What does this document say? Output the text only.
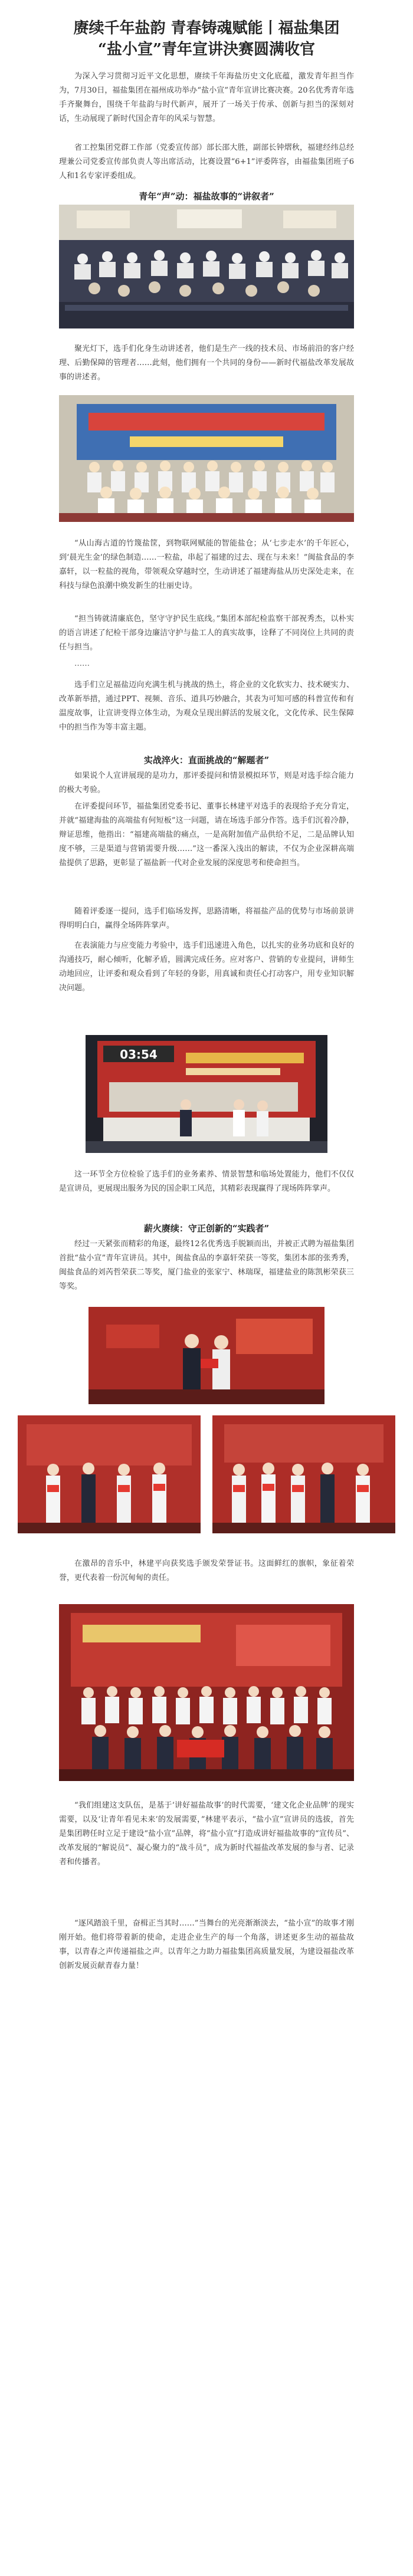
赓续千年盐韵 青春铸魂赋能丨福盐集团
“盐小宣”青年宣讲決赛圆满收官

为深入学习贯彻习近平文化思想，赓续千年海盐历史文化底蕴，激发青年担当作为，7月30日，福盐集团在福州成功举办“盐小宣”青年宣讲比赛决赛。20名优秀青年选手齐聚舞台，围绕千年盐韵与时代新声，展开了一场关于传承、创新与担当的深刻对话，生动展现了新时代国企青年的风采与智慧。

省工控集团党群工作部（党委宣传部）部长邵大胜，副部长钟熠秋，福建经纬总经理兼公司党委宣传部负责人等出席活动，比赛设置“6+1”评委阵容，由福盐集团班子6人和1名专家评委组成。

青年“声”动：福盐故事的“讲叙者”

聚光灯下，选手们化身生动讲述者，他们是生产一线的技术员、市场前沿的客户经理、后勤保障的管理者……此刻，他们拥有一个共同的身份——新时代福盐改革发展故事的讲述者。

“从山海古道的竹篾盐筐，到物联网赋能的智能盐仓；从‘七步走水’的千年匠心，到‘晨光生金’的绿色制造……一粒盐，串起了福建的过去、现在与未来！”闽盐食品的李嘉轩，以一粒盐的视角，带领观众穿越时空，生动讲述了福建海盐从历史深处走来，在科技与绿色浪潮中焕发新生的壮丽史诗。

“担当铸就清廉底色，坚守守护民生底线。”集团本部纪检监察干部祝秀杰，以朴实的语言讲述了纪检干部身边廉洁守护与盐工人的真实故事，诠释了不同岗位上共同的责任与担当。

……

选手们立足福盐迈向充满生机与挑战的热土，将企业的文化软实力、技术硬实力、改革新举措，通过PPT、视频、音乐、道具巧妙融合，其表为可知可感的科普宣传和有温度故事，让宣讲变得立体生动，为观众呈现出鲜活的发展文化，文化传承、民生保障中的担当作为等丰富主题。

实战淬火：直面挑战的“解题者”

如果说个人宣讲展现的是功力，那评委提问和情景模拟环节，则是对选手综合能力的极大考验。

在评委提问环节，福盐集团党委书记、董事长林建平对选手的表现给予充分肯定，并就“福建海盐的高端盐有何短板”这一问题，请在场选手部分作答。选手们沉着冷静，辩证思维，他指出：“福建高端盐的痛点，一是高附加值产品供给不足，二是品牌认知度不够，三是渠道与营销需要升级……”这一番深入浅出的解读，不仅为企业深耕高端盐提供了思路，更彰显了福盐新一代对企业发展的深度思考和使命担当。

随着评委逐一提问，选手们临场发挥，思路清晰，将福盐产品的优势与市场前景讲得明明白白，赢得全场阵阵掌声。

在表演能力与应变能力考验中，选手们迅速进入角色，以扎实的业务功底和良好的沟通技巧，耐心倾听，化解矛盾，圆满完成任务。应对客户、营销的专业提问，讲师生动地回应，让评委和观众看到了年轻的身影，用真诚和责任心打动客户，用专业知识解决问题。

03:54

这一环节全方位检验了选手们的业务素养、情景智慧和临场处置能力，他们不仅仅是宣讲员，更展现出服务为民的国企职工风范，其精彩表现赢得了现场阵阵掌声。

薪火赓续：守正创新的“实践者”

经过一天紧张而精彩的角逐，最终12名优秀选手脱颖而出，并被正式聘为福盐集团首批“盐小宣”青年宣讲员。其中，闽盐食品的李嘉轩荣获一等奖，集团本部的张秀秀，闽盐食品的刘芮哲荣获二等奖，厦门盐业的张家宁、林瑞琛，福建盐业的陈凯彬荣获三等奖。

在激昂的音乐中，林建平向获奖选手颁发荣誉证书。这面鲜红的旗帜，象征着荣誉，更代表着一份沉甸甸的责任。

“我们组建这支队伍，是基于‘讲好福盐故事’的时代需要，‘建文化企业品牌’的现实需要，以及‘让青年看见未来’的发展需要，”林建平表示，“盐小宣”宣讲员的选拔，首先是集团聘任时立足于建设“盐小宣”品牌，将“盐小宣”打造成讲好福盐故事的“宣传员”、改革发展的“解说员”、凝心聚力的“战斗员”，成为新时代福盐改革发展的参与者、记录者和传播者。

“逐风踏浪千里，奋楫正当其时……”当舞台的光亮渐渐淡去，“盐小宣”的故事才刚刚开始。他们将带着新的使命，走进企业生产的每一个角落，讲述更多生动的福盐故事，以青春之声传递福盐之声。以青年之力助力福盐集团高质量发展，为建设福盐改革创新发展贡献青春力量！
